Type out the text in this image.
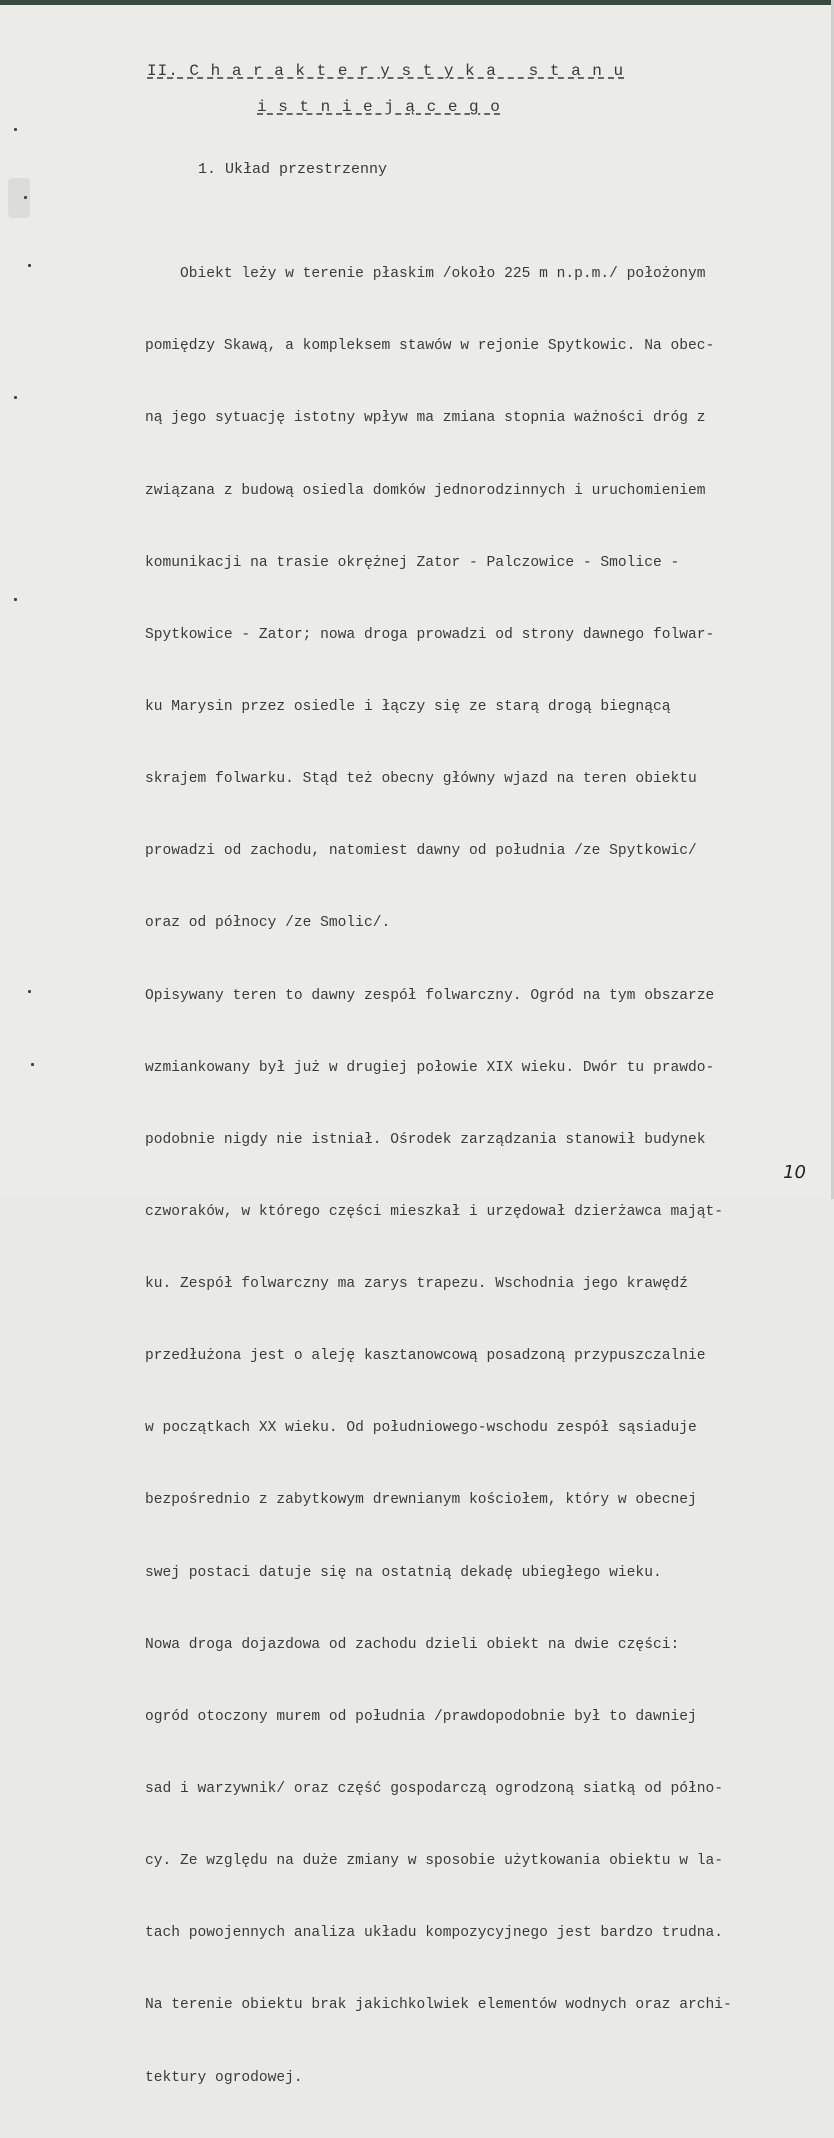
II. C h a r a k t e r y s t y k a   s t a n u
i s t n i e j ą c e g o
1. Układ przestrzenny

Obiekt leży w terenie płaskim /około 225 m n.p.m./ położonym

pomiędzy Skawą, a kompleksem stawów w rejonie Spytkowic. Na obec-

ną jego sytuację istotny wpływ ma zmiana stopnia ważności dróg z

związana z budową osiedla domków jednorodzinnych i uruchomieniem

komunikacji na trasie okrężnej Zator - Palczowice - Smolice -

Spytkowice - Zator; nowa droga prowadzi od strony dawnego folwar-

ku Marysin przez osiedle i łączy się ze starą drogą biegnącą

skrajem folwarku. Stąd też obecny główny wjazd na teren obiektu

prowadzi od zachodu, natomiest dawny od południa /ze Spytkowic/

oraz od północy /ze Smolic/.

Opisywany teren to dawny zespół folwarczny. Ogród na tym obszarze

wzmiankowany był już w drugiej połowie XIX wieku. Dwór tu prawdo-

podobnie nigdy nie istniał. Ośrodek zarządzania stanowił budynek

czworaków, w którego części mieszkał i urzędował dzierżawca mająt-

ku. Zespół folwarczny ma zarys trapezu. Wschodnia jego krawędź

przedłużona jest o aleję kasztanowcową posadzoną przypuszczalnie

w początkach XX wieku. Od południowego-wschodu zespół sąsiaduje

bezpośrednio z zabytkowym drewnianym kościołem, który w obecnej

swej postaci datuje się na ostatnią dekadę ubiegłego wieku.

Nowa droga dojazdowa od zachodu dzieli obiekt na dwie części:

ogród otoczony murem od południa /prawdopodobnie był to dawniej

sad i warzywnik/ oraz część gospodarczą ogrodzoną siatką od półno-

cy. Ze względu na duże zmiany w sposobie użytkowania obiektu w la-

tach powojennych analiza układu kompozycyjnego jest bardzo trudna.

Na terenie obiektu brak jakichkolwiek elementów wodnych oraz archi-

tektury ogrodowej.

10
